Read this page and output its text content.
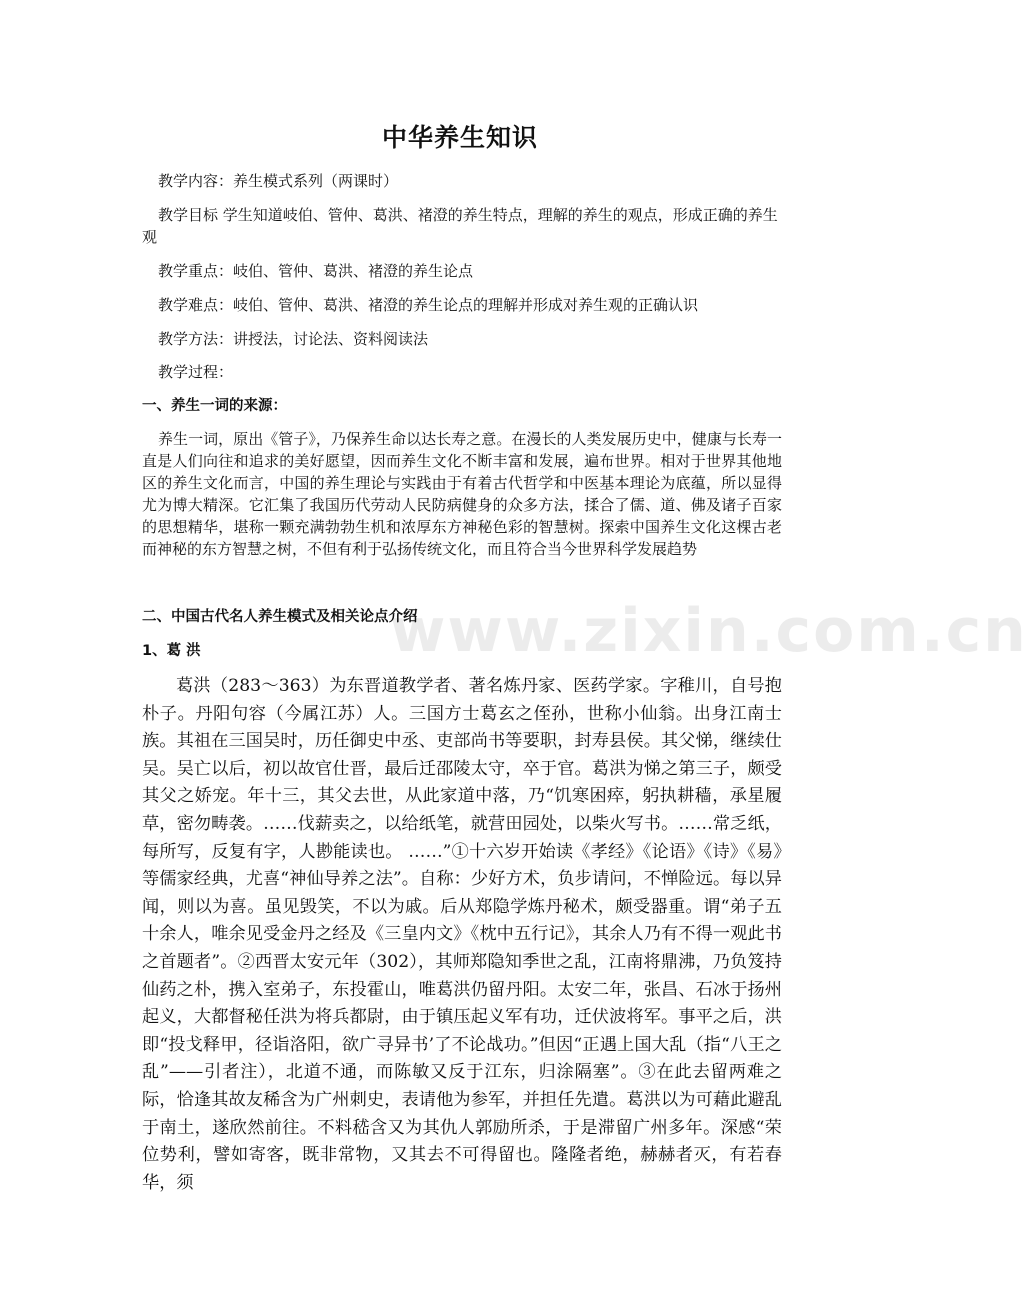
www.zixin.com.cn
中华养生知识
教学内容：养生模式系列（两课时）
教学目标 学生知道岐伯、管仲、葛洪、褚澄的养生特点，理解的养生的观点，形成正确的养生观
教学重点：岐伯、管仲、葛洪、褚澄的养生论点
教学难点：岐伯、管仲、葛洪、褚澄的养生论点的理解并形成对养生观的正确认识
教学方法：讲授法，讨论法、资料阅读法
教学过程：
一、养生一词的来源：
养生一词，原出《管子》，乃保养生命以达长寿之意。在漫长的人类发展历史中，健康与长寿一直是人们向往和追求的美好愿望，因而养生文化不断丰富和发展，遍布世界。相对于世界其他地区的养生文化而言，中国的养生理论与实践由于有着古代哲学和中医基本理论为底蕴，所以显得尤为博大精深。它汇集了我国历代劳动人民防病健身的众多方法，揉合了儒、道、佛及诸子百家的思想精华，堪称一颗充满勃勃生机和浓厚东方神秘色彩的智慧树。探索中国养生文化这棵古老而神秘的东方智慧之树，不但有利于弘扬传统文化，而且符合当今世界科学发展趋势
二、中国古代名人养生模式及相关论点介绍
1、葛 洪
葛洪（283～363）为东晋道教学者、著名炼丹家、医药学家。字稚川，自号抱朴子。丹阳句容（今属江苏）人。三国方士葛玄之侄孙，世称小仙翁。出身江南士族。其祖在三国吴时，历任御史中丞、吏部尚书等要职，封寿县侯。其父悌，继续仕吴。吴亡以后，初以故官仕晋，最后迁邵陵太守，卒于官。葛洪为悌之第三子，颇受其父之娇宠。年十三，其父去世，从此家道中落，乃“饥寒困瘁，躬执耕穑，承星履草，密勿畴袭。……伐薪卖之，以给纸笔，就营田园处，以柴火写书。……常乏纸，每所写，反复有字，人尠能读也。 ……”①十六岁开始读《孝经》《论语》《诗》《易》等儒家经典，尤喜“神仙导养之法”。自称：少好方术，负步请问，不惮险远。每以异闻，则以为喜。虽见毁笑，不以为戚。后从郑隐学炼丹秘术，颇受器重。谓“弟子五十余人，唯余见受金丹之经及《三皇内文》《枕中五行记》，其余人乃有不得一观此书之首题者”。②西晋太安元年（302），其师郑隐知季世之乱，江南将鼎沸，乃负笈持仙药之朴，携入室弟子，东投霍山，唯葛洪仍留丹阳。太安二年，张昌、石冰于扬州起义，大都督秘任洪为将兵都尉，由于镇压起义军有功，迁伏波将军。事平之后，洪即“投戈释甲，径诣洛阳，欲广寻异书’了不论战功。”但因“正遇上国大乱（指“八王之乱”——引者注），北道不通，而陈敏又反于江东，归涂隔塞”。③在此去留两难之际，恰逢其故友稀含为广州刺史，表请他为参军，并担任先遣。葛洪以为可藉此避乱于南土，遂欣然前往。不料嵇含又为其仇人郭励所杀，于是滞留广州多年。深感“荣位势利，譬如寄客，既非常物，又其去不可得留也。隆隆者绝，赫赫者灭，有若春华，须
